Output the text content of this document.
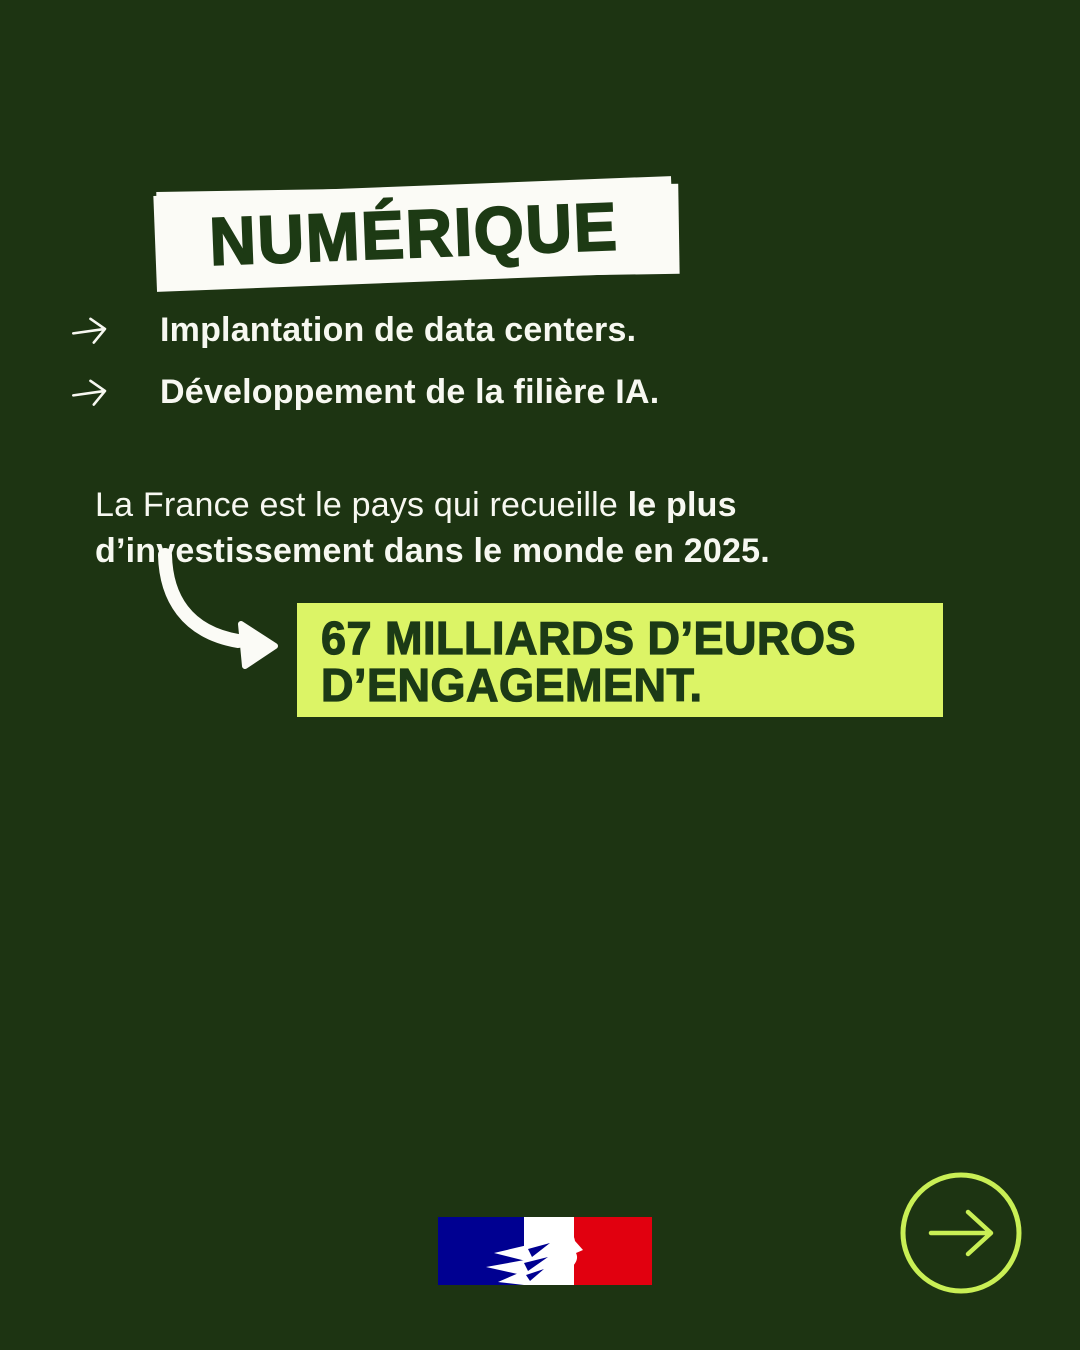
NUMÉRIQUE
Implantation de data centers.
Développement de la filière IA.

La France est le pays qui recueille le plus
d’investissement dans le monde en 2025.

67 MILLIARDS D’EUROS
D’ENGAGEMENT.
